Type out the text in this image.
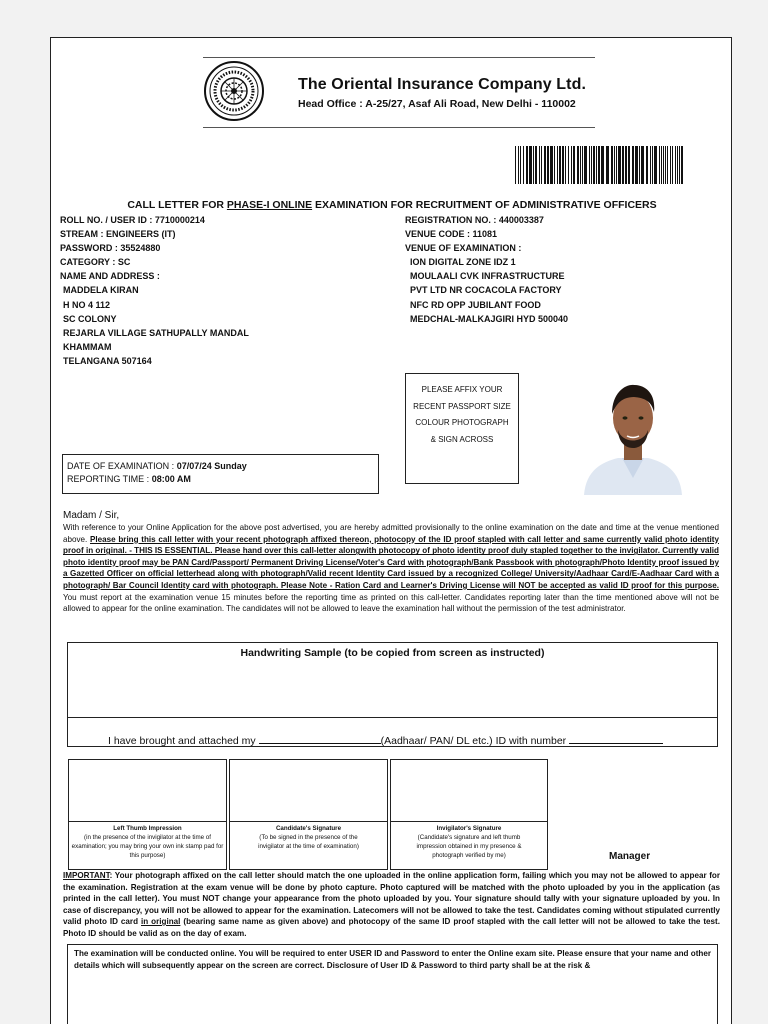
The Oriental Insurance Company Ltd.
Head Office : A-25/27, Asaf Ali Road, New Delhi - 110002
CALL LETTER FOR PHASE-I ONLINE EXAMINATION FOR RECRUITMENT OF ADMINISTRATIVE OFFICERS
ROLL NO. / USER ID : 7710000214
STREAM : ENGINEERS (IT)
PASSWORD : 35524880
CATEGORY : SC
NAME AND ADDRESS :
MADDELA KIRAN
H NO 4 112
SC COLONY
REJARLA VILLAGE SATHUPALLY MANDAL
KHAMMAM
TELANGANA 507164
REGISTRATION NO. : 440003387
VENUE CODE : 11081
VENUE OF EXAMINATION :
ION DIGITAL ZONE IDZ 1
MOULAALI CVK INFRASTRUCTURE
PVT LTD NR COCACOLA FACTORY
NFC RD OPP JUBILANT FOOD
MEDCHAL-MALKAJGIRI HYD 500040
PLEASE AFFIX YOUR
RECENT PASSPORT SIZE
COLOUR PHOTOGRAPH
& SIGN ACROSS
DATE OF EXAMINATION : 07/07/24 Sunday
REPORTING TIME : 08:00 AM
Madam / Sir,
With reference to your Online Application for the above post advertised, you are hereby admitted provisionally to the online examination on the date and time at the venue mentioned above. Please bring this call letter with your recent photograph affixed thereon, photocopy of the ID proof stapled with call letter and same currently valid photo identity proof in original. - THIS IS ESSENTIAL. Please hand over this call-letter alongwith photocopy of photo identity proof duly stapled together to the invigilator. Currently valid photo identity proof may be PAN Card/Passport/ Permanent Driving License/Voter's Card with photograph/Bank Passbook with photograph/Photo Identity proof issued by a Gazetted Officer on official letterhead along with photograph/Valid recent Identity Card issued by a recognized College/ University/Aadhaar Card/E-Aadhaar Card with a photograph/ Bar Council Identity card with photograph. Please Note - Ration Card and Learner's Driving License will NOT be accepted as valid ID proof for this purpose. You must report at the examination venue 15 minutes before the reporting time as printed on this call-letter. Candidates reporting later than the time mentioned above will not be allowed to appear for the online examination. The candidates will not be allowed to leave the examination hall without the permission of the test administrator.
Handwriting Sample (to be copied from screen as instructed)
I have brought and attached my	(Aadhaar/ PAN/ DL etc.) ID with number
Left Thumb Impression
(in the presence of the invigilator at the time of examination; you may bring your own ink stamp pad for this purpose)
Candidate's Signature
(To be signed in the presence of the invigilator at the time of examination)
Invigilator's Signature
(Candidate's signature and left thumb impression obtained in my presence & photograph verified by me)	Manager
IMPORTANT: Your photograph affixed on the call letter should match the one uploaded in the online application form, failing which you may not be allowed to appear for the examination. Registration at the exam venue will be done by photo capture. Photo captured will be matched with the photo uploaded by you in the application (as printed in the call letter). You must NOT change your appearance from the photo uploaded by you. Your signature should tally with your signature uploaded by you. In case of discrepancy, you will not be allowed to appear for the examination. Latecomers will not be allowed to take the test. Candidates coming without stipulated currently valid photo ID card in original (bearing same name as given above) and photocopy of the same ID proof stapled with the call letter will not be allowed to take the test. Photo ID should be valid as on the day of exam.
The examination will be conducted online. You will be required to enter USER ID and Password to enter the Online exam site. Please ensure that your name and other details which will subsequently appear on the screen are correct. Disclosure of User ID & Password to third party shall be at the risk &
